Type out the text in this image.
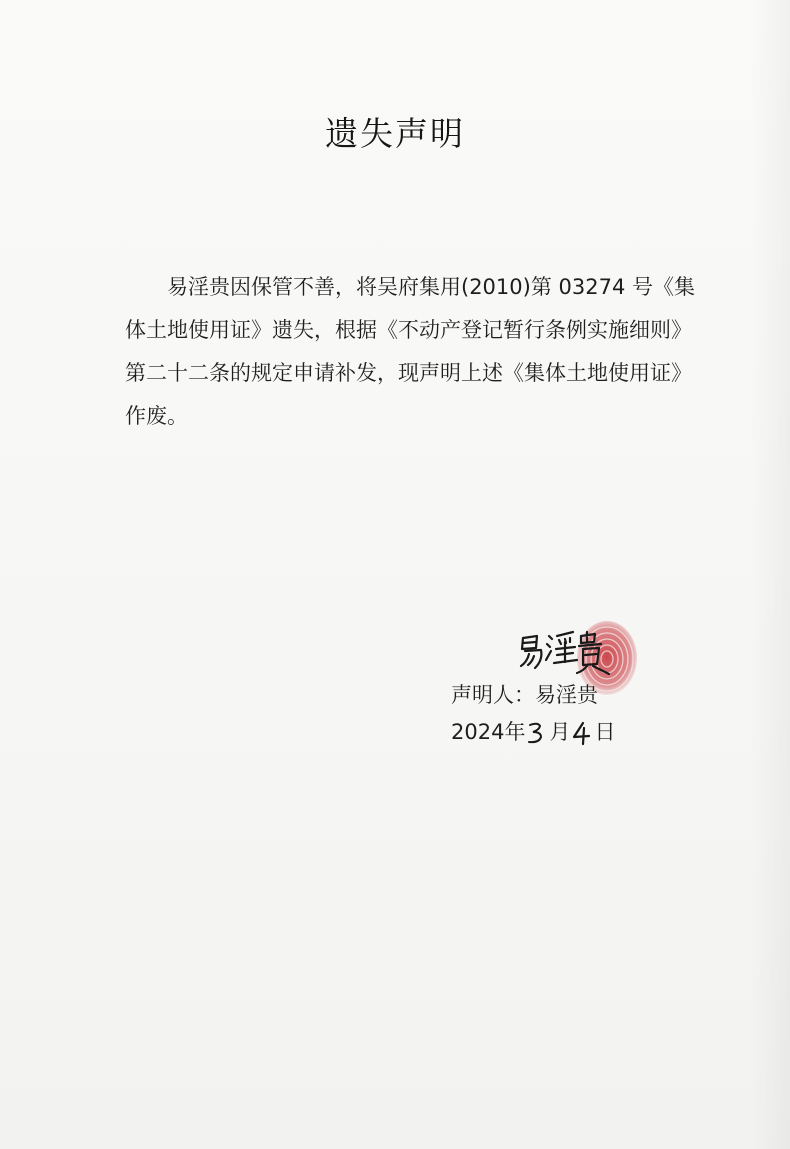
遗失声明

易淫贵因保管不善，将吴府集用(2010)第 03274 号《集体土地使用证》遗失，根据《不动产登记暂行条例实施细则》第二十二条的规定申请补发，现声明上述《集体土地使用证》作废。

声明人：易淫贵
2024年 月 日
